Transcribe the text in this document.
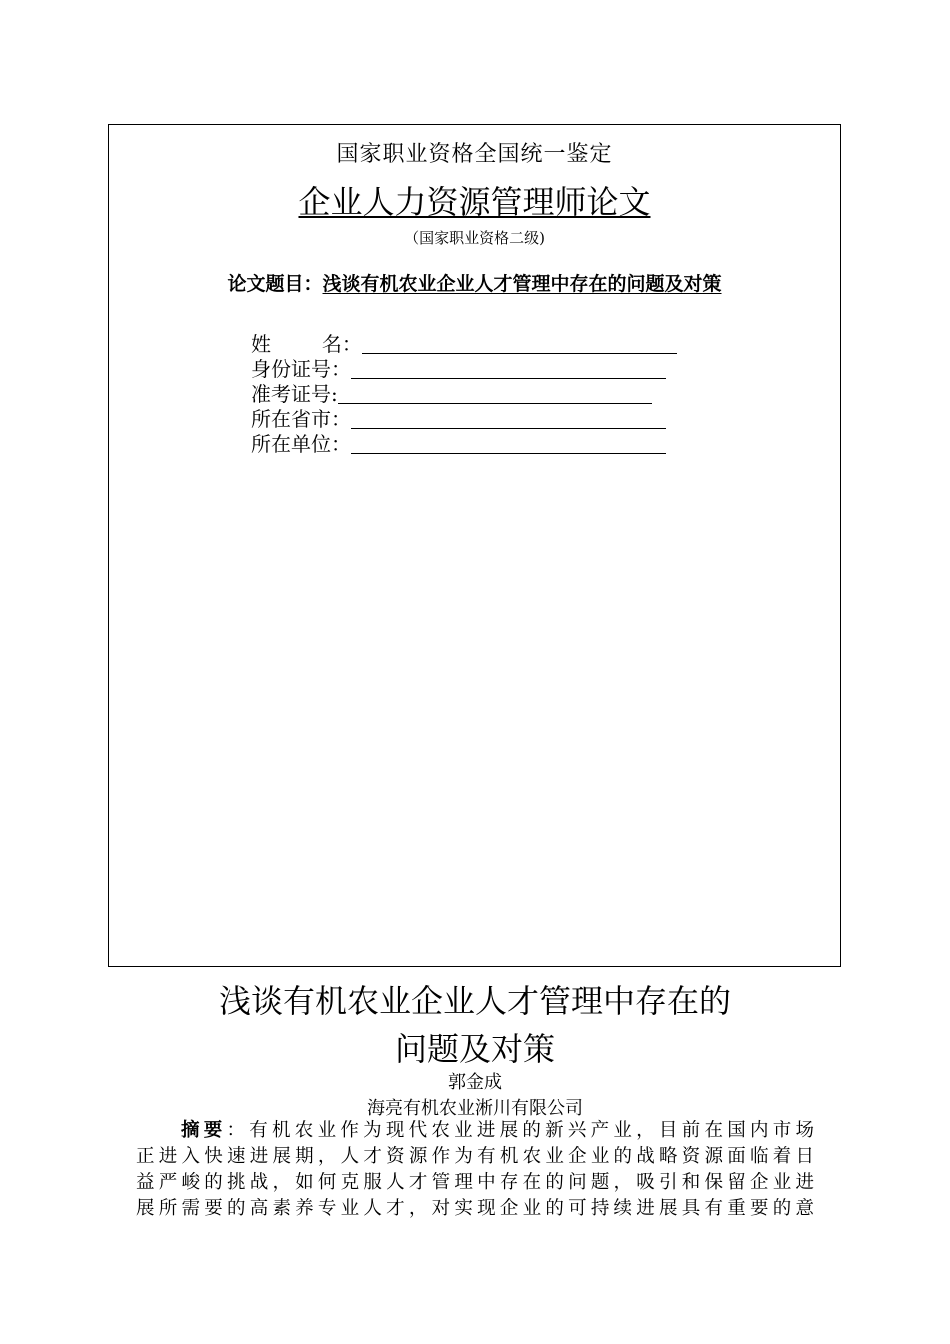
国家职业资格全国统一鉴定
企业人力资源管理师论文
（国家职业资格二级)
论文题目：浅谈有机农业企业人才管理中存在的问题及对策
姓        名：
身份证号：
准考证号:
所在省市：
所在单位：
浅谈有机农业企业人才管理中存在的
问题及对策
郭金成
海亮有机农业淅川有限公司
摘要：有机农业作为现代农业进展的新兴产业，目前在国内市场
正进入快速进展期，人才资源作为有机农业企业的战略资源面临着日
益严峻的挑战，如何克服人才管理中存在的问题，吸引和保留企业进
展所需要的高素养专业人才，对实现企业的可持续进展具有重要的意
